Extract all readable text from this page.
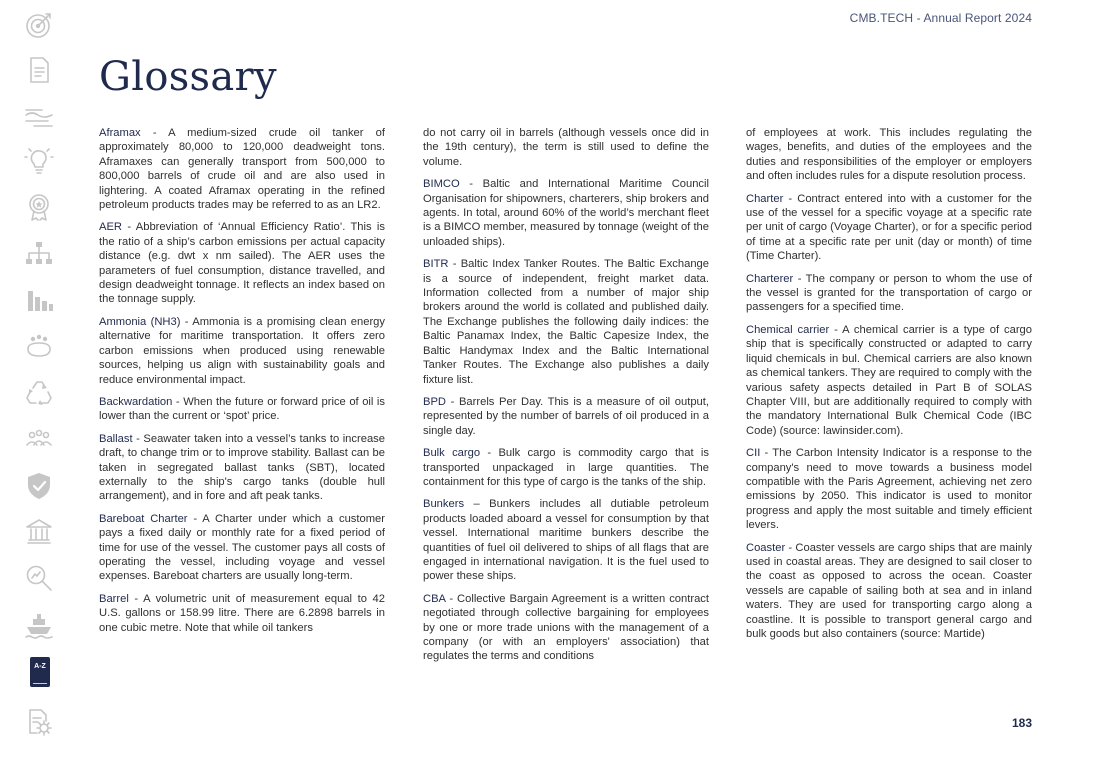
A-Z
CMB.TECH - Annual Report 2024
Glossary

Aframax - A medium-sized crude oil tanker of approximately 80,000 to 120,000 deadweight tons. Aframaxes can generally transport from 500,000 to 800,000 barrels of crude oil and are also used in lightering. A coated Aframax operating in the refined petroleum products trades may be referred to as an LR2.

AER - Abbreviation of ‘Annual Efficiency Ratio’. This is the ratio of a ship’s carbon emissions per actual capacity distance (e.g. dwt x nm sailed). The AER uses the parameters of fuel consumption, distance travelled, and design deadweight tonnage. It reflects an index based on the tonnage supply.

Ammonia (NH3) - Ammonia is a promising clean energy alternative for maritime transportation. It offers zero carbon emissions when produced using renewable sources, helping us align with sustainability goals and reduce environmental impact.

Backwardation - When the future or forward price of oil is lower than the current or ‘spot’ price.

Ballast - Seawater taken into a vessel’s tanks to increase draft, to change trim or to improve stability. Ballast can be taken in segregated ballast tanks (SBT), located externally to the ship's cargo tanks (double hull arrangement), and in fore and aft peak tanks.

Bareboat Charter - A Charter under which a customer pays a fixed daily or monthly rate for a fixed period of time for use of the vessel. The customer pays all costs of operating the vessel, including voyage and vessel expenses. Bareboat charters are usually long-term.

Barrel - A volumetric unit of measurement equal to 42 U.S. gallons or 158.99 litre. There are 6.2898 barrels in one cubic metre. Note that while oil tankers

do not carry oil in barrels (although vessels once did in the 19th century), the term is still used to define the volume.

BIMCO - Baltic and International Maritime Council Organisation for shipowners, charterers, ship brokers and agents. In total, around 60% of the world’s merchant fleet is a BIMCO member, measured by tonnage (weight of the unloaded ships).

BITR - Baltic Index Tanker Routes. The Baltic Exchange is a source of independent, freight market data. Information collected from a number of major ship brokers around the world is collated and published daily. The Exchange publishes the following daily indices: the Baltic Panamax Index, the Baltic Capesize Index, the Baltic Handymax Index and the Baltic International Tanker Routes. The Exchange also publishes a daily fixture list.

BPD - Barrels Per Day. This is a measure of oil output, represented by the number of barrels of oil produced in a single day.

Bulk cargo - Bulk cargo is commodity cargo that is transported unpackaged in large quantities. The containment for this type of cargo is the tanks of the ship.

Bunkers – Bunkers includes all dutiable petroleum products loaded aboard a vessel for consumption by that vessel. International maritime bunkers describe the quantities of fuel oil delivered to ships of all flags that are engaged in international navigation. It is the fuel used to power these ships.

CBA - Collective Bargain Agreement is a written contract negotiated through collective bargaining for employees by one or more trade unions with the management of a company (or with an employers' association) that regulates the terms and conditions

of employees at work. This includes regulating the wages, benefits, and duties of the employees and the duties and responsibilities of the employer or employers and often includes rules for a dispute resolution process.

Charter - Contract entered into with a customer for the use of the vessel for a specific voyage at a specific rate per unit of cargo (Voyage Charter), or for a specific period of time at a specific rate per unit (day or month) of time (Time Charter).

Charterer - The company or person to whom the use of the vessel is granted for the transportation of cargo or passengers for a specified time.

Chemical carrier - A chemical carrier is a type of cargo ship that is specifically constructed or adapted to carry liquid chemicals in bul. Chemical carriers are also known as chemical tankers. They are required to comply with the various safety aspects detailed in Part B of SOLAS Chapter VIII, but are additionally required to comply with the mandatory International Bulk Chemical Code (IBC Code) (source: lawinsider.com).

CII - The Carbon Intensity Indicator is a response to the company's need to move towards a business model compatible with the Paris Agreement, achieving net zero emissions by 2050. This indicator is used to monitor progress and apply the most suitable and timely efficient levers.

Coaster - Coaster vessels are cargo ships that are mainly used in coastal areas. They are designed to sail closer to the coast as opposed to across the ocean. Coaster vessels are capable of sailing both at sea and in inland waters. They are used for transporting cargo along a coastline. It is possible to transport general cargo and bulk goods but also containers (source: Martide)

183
